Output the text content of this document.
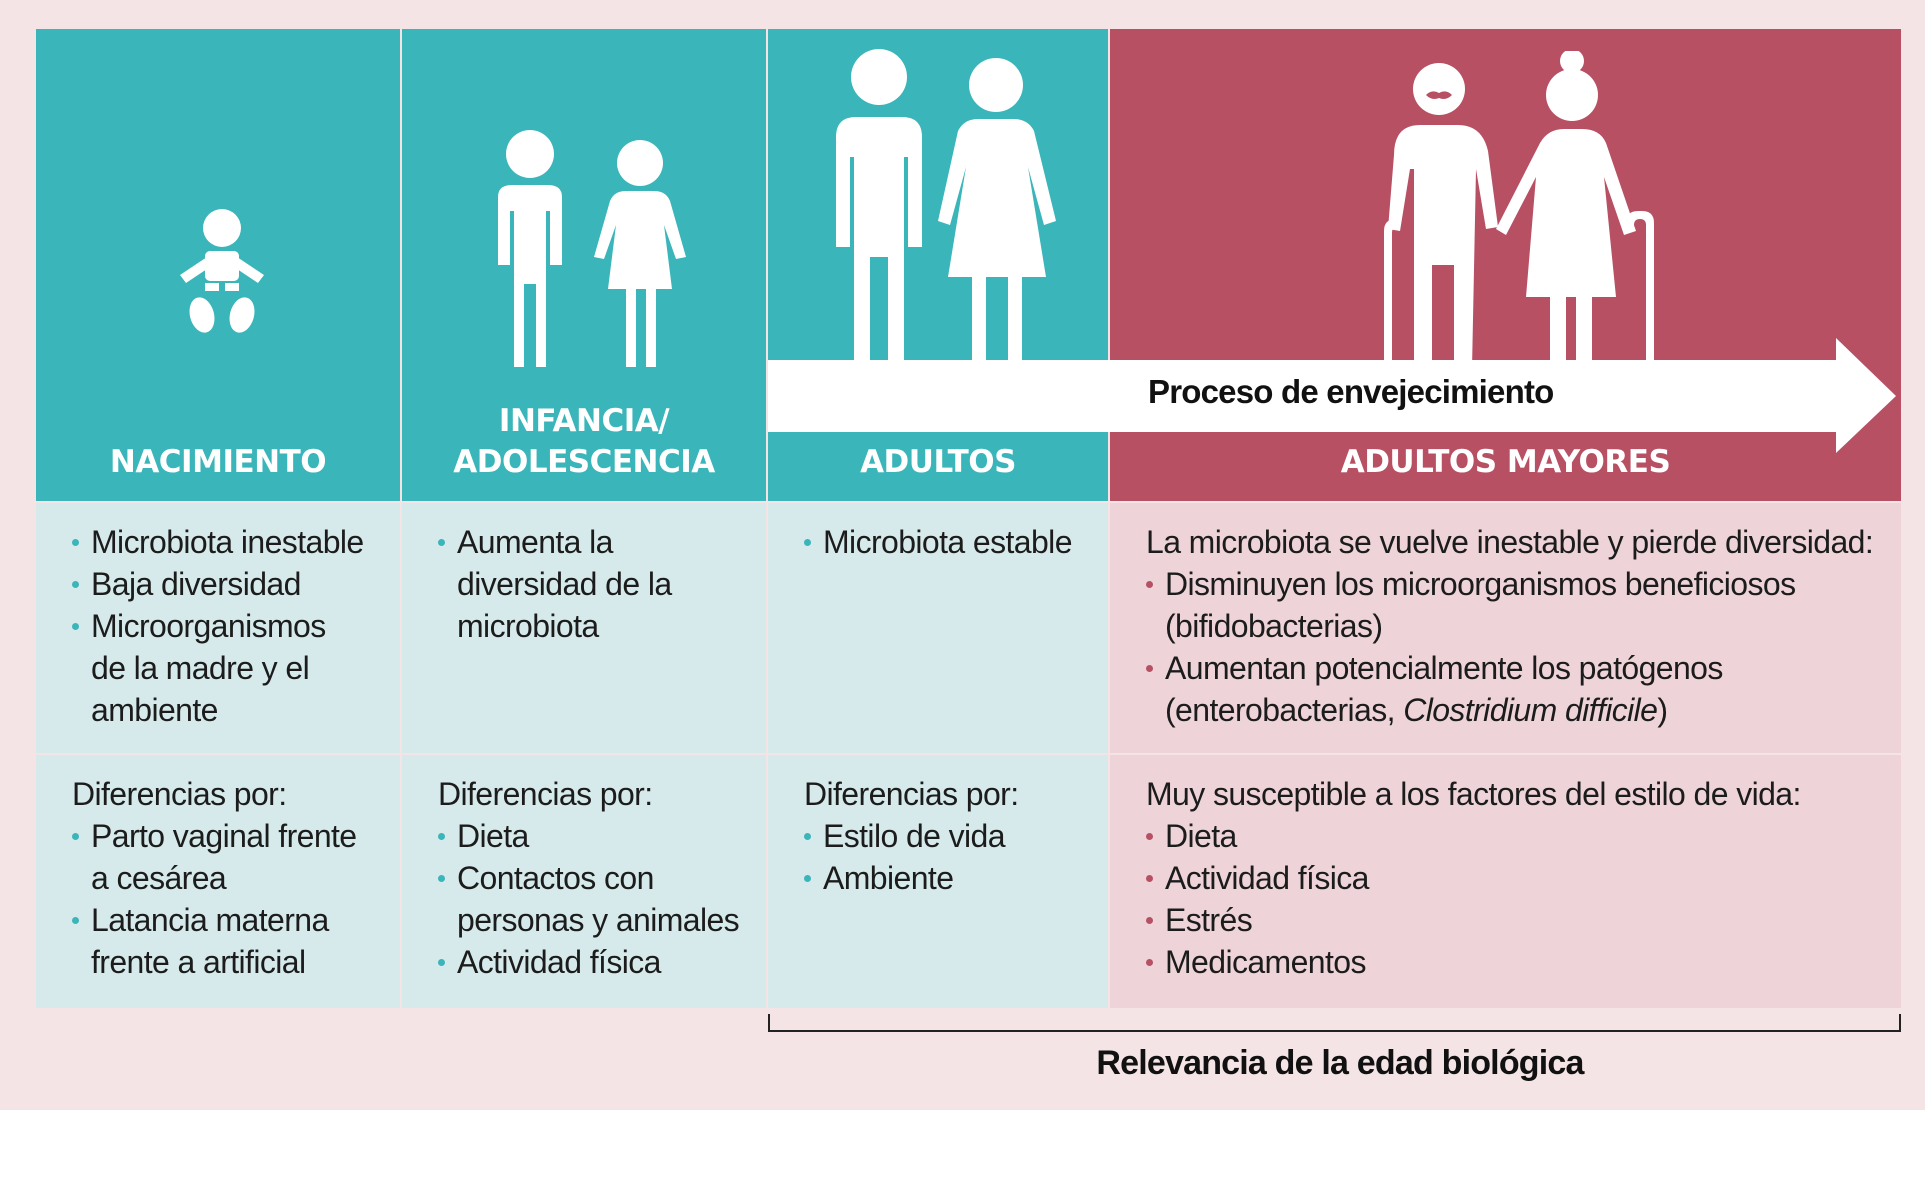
NACIMIENTO
Microbiota inestable
Baja diversidad
Microorganismos de la madre y el ambiente

Diferencias por:

Parto vaginal frente a cesárea
Latancia materna frente a artificial
INFANCIA/
ADOLESCENCIA
Aumenta la diversidad de la microbiota

Diferencias por:

Dieta
Contactos con personas y animales
Actividad física
ADULTOS
Microbiota estable

Diferencias por:

Estilo de vida
Ambiente
ADULTOS MAYORES

La microbiota se vuelve inestable y pierde diversidad:

Disminuyen los microorganismos beneficiosos (bifidobacterias)
Aumentan potencialmente los patógenos (enterobacterias, Clostridium difficile)

Muy susceptible a los factores del estilo de vida:

Dieta
Actividad física
Estrés
Medicamentos
Proceso de envejecimiento
Relevancia de la edad biológica
